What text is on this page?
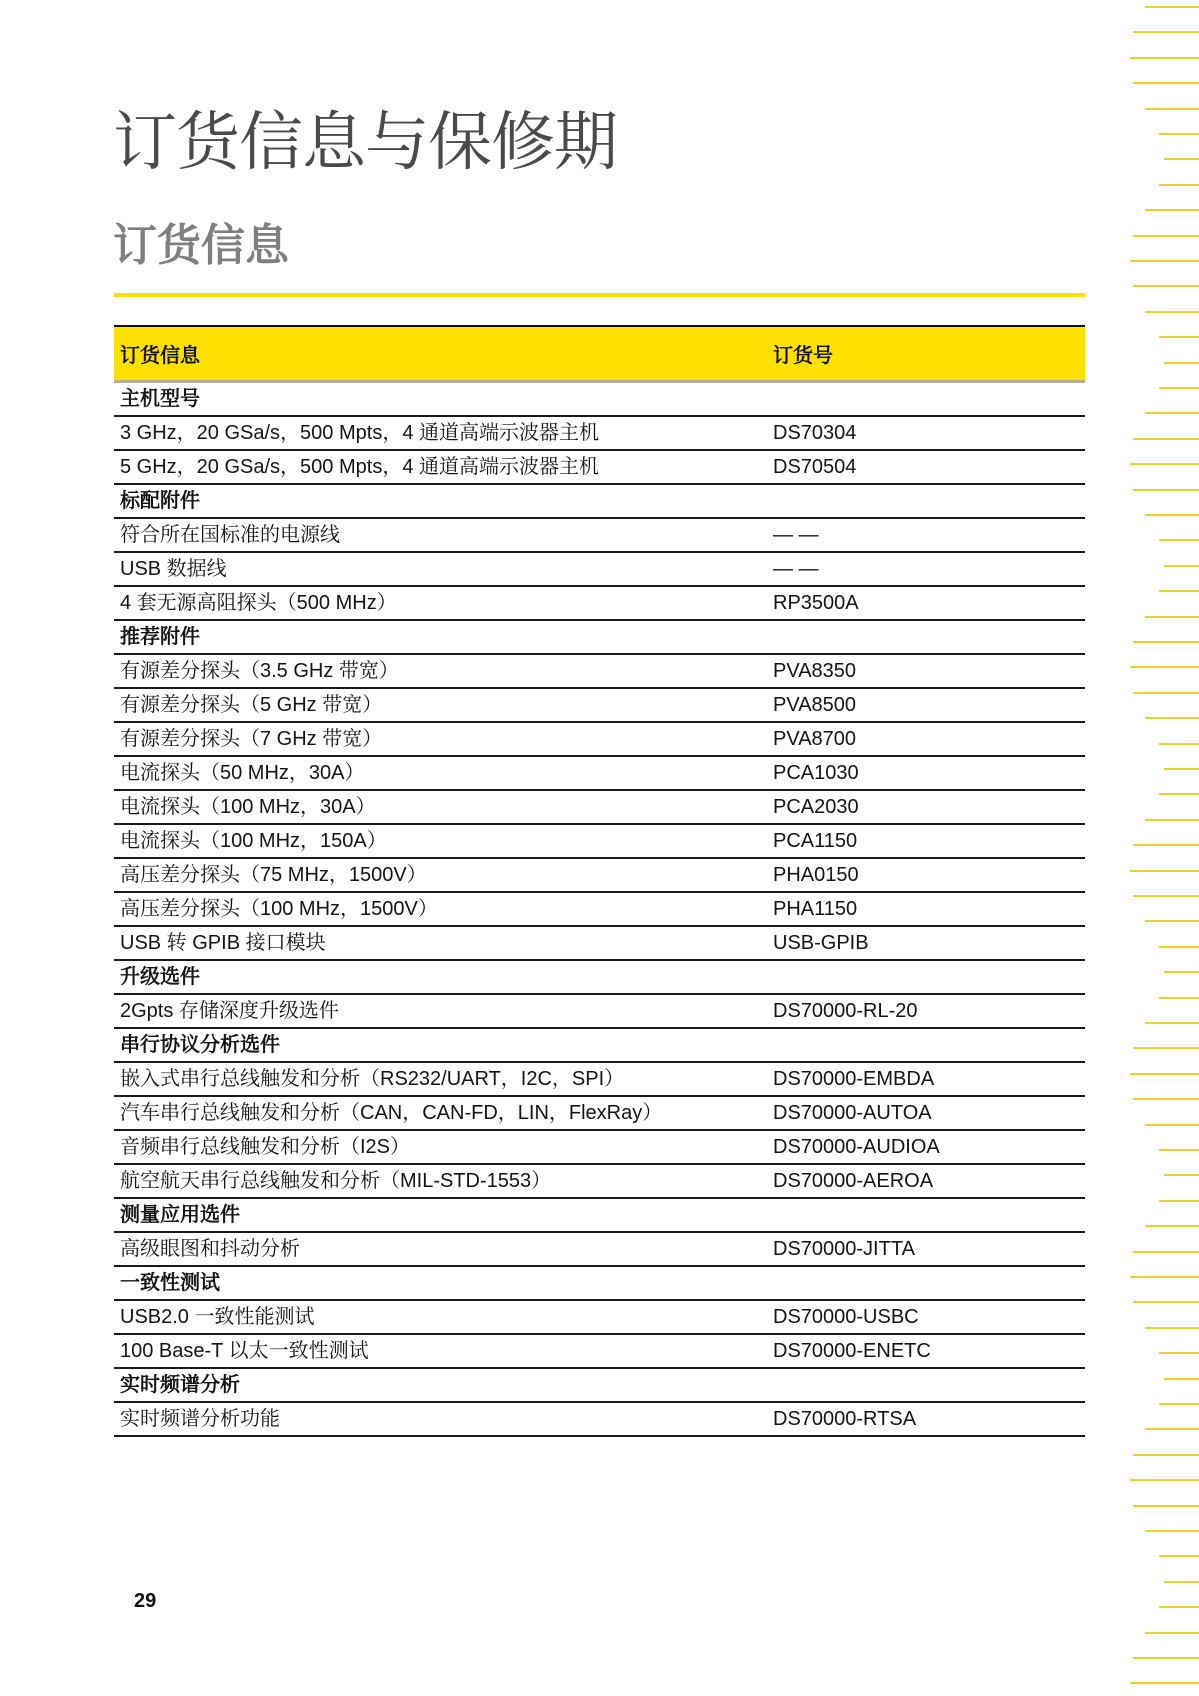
订货信息与保修期
订货信息
订货信息	订货号
主机型号	
3 GHz，20 GSa/s，500 Mpts，4 通道高端示波器主机	DS70304
5 GHz，20 GSa/s，500 Mpts，4 通道高端示波器主机	DS70504
标配附件	
符合所在国标准的电源线	— —
USB 数据线	— —
4 套无源高阻探头（500 MHz）	RP3500A
推荐附件	
有源差分探头（3.5 GHz 带宽）	PVA8350
有源差分探头（5 GHz 带宽）	PVA8500
有源差分探头（7 GHz 带宽）	PVA8700
电流探头（50 MHz，30A）	PCA1030
电流探头（100 MHz，30A）	PCA2030
电流探头（100 MHz，150A）	PCA1150
高压差分探头（75 MHz，1500V）	PHA0150
高压差分探头（100 MHz，1500V）	PHA1150
USB 转 GPIB 接口模块	USB-GPIB
升级选件	
2Gpts 存储深度升级选件	DS70000-RL-20
串行协议分析选件	
嵌入式串行总线触发和分析（RS232/UART，I2C，SPI）	DS70000-EMBDA
汽车串行总线触发和分析（CAN，CAN-FD，LIN，FlexRay）	DS70000-AUTOA
音频串行总线触发和分析（I2S）	DS70000-AUDIOA
航空航天串行总线触发和分析（MIL-STD-1553）	DS70000-AEROA
测量应用选件	
高级眼图和抖动分析	DS70000-JITTA
一致性测试	
USB2.0 一致性能测试	DS70000-USBC
100 Base-T 以太一致性测试	DS70000-ENETC
实时频谱分析	
实时频谱分析功能	DS70000-RTSA
29
